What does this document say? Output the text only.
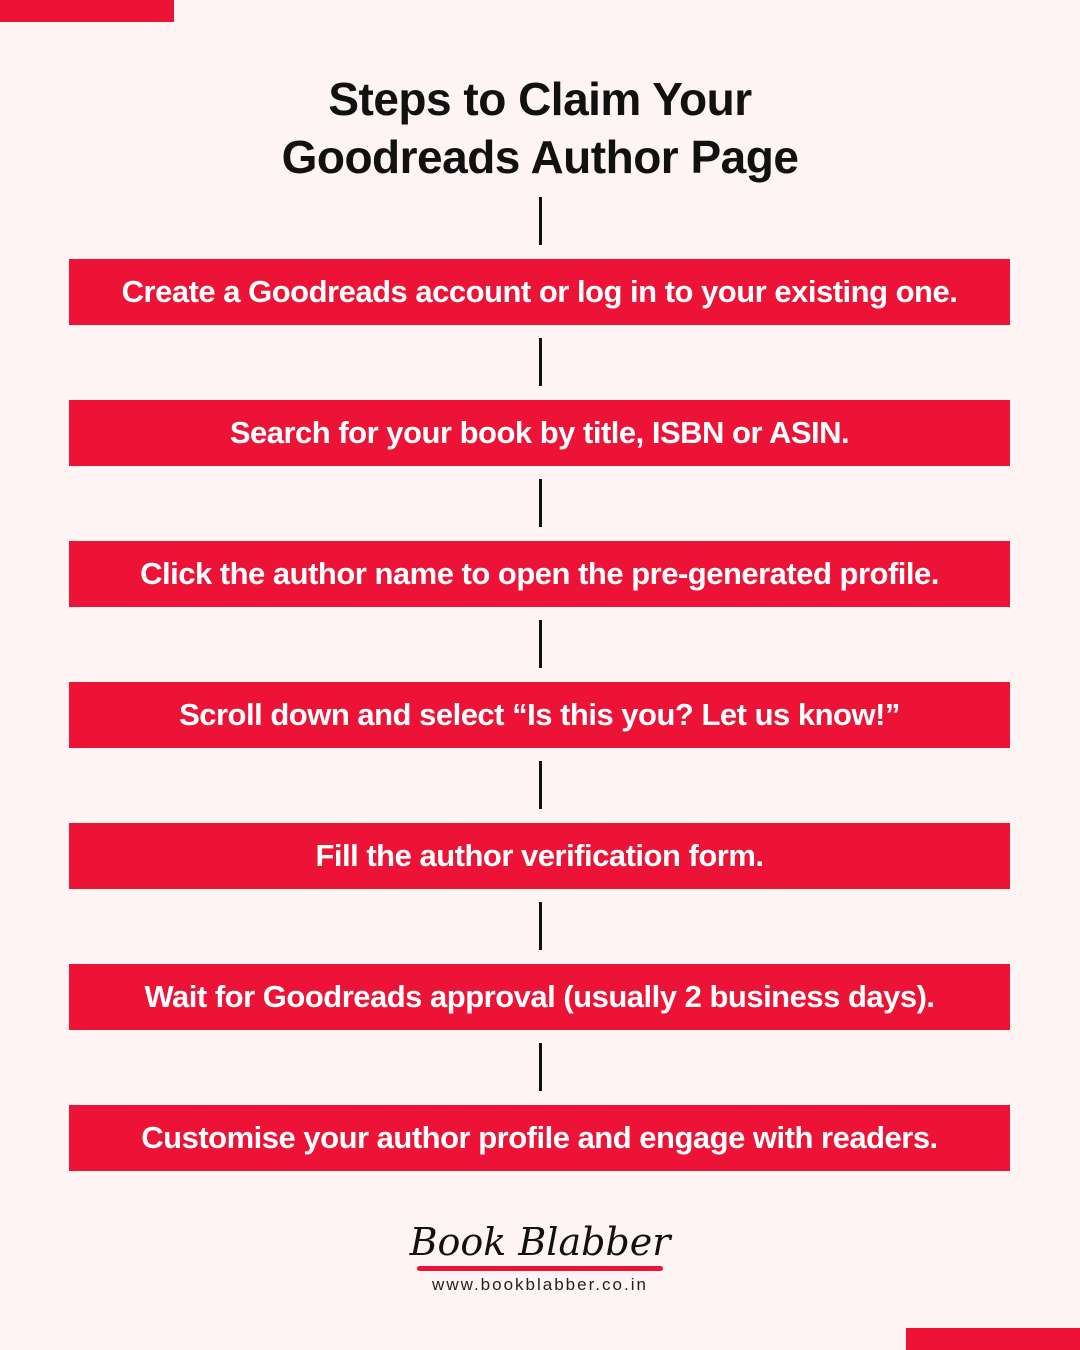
Steps to Claim Your
Goodreads Author Page
Create a Goodreads account or log in to your existing one.
Search for your book by title, ISBN or ASIN.
Click the author name to open the pre-generated profile.
Scroll down and select “Is this you? Let us know!”
Fill the author verification form.
Wait for Goodreads approval (usually 2 business days).
Customise your author profile and engage with readers.
Book Blabber
www.bookblabber.co.in
